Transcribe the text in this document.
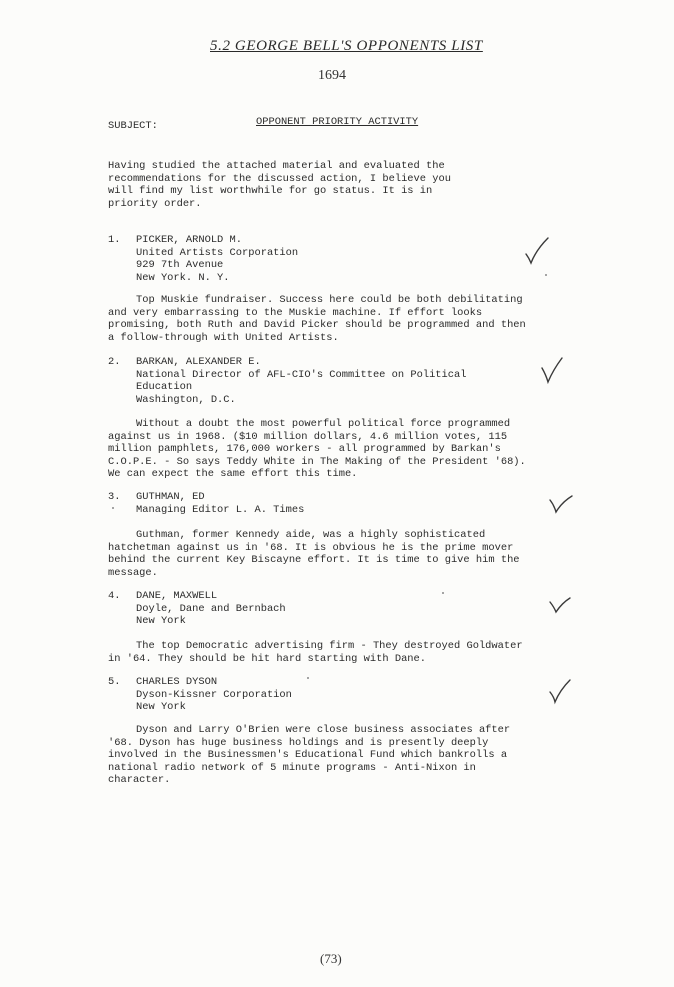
5.2 GEORGE BELL'S OPPONENTS LIST
1694
SUBJECT:	OPPONENT PRIORITY ACTIVITY
Having studied the attached material and evaluated the recommendations for the discussed action, I believe you will find my list worthwhile for go status. It is in priority order.
1.	PICKER, ARNOLD M.
United Artists Corporation
929 7th Avenue
New York. N. Y.

Top Muskie fundraiser. Success here could be both debilitating and very embarrassing to the Muskie machine. If effort looks promising, both Ruth and David Picker should be programmed and then a follow-through with United Artists.

2.	BARKAN, ALEXANDER E.
National Director of AFL-CIO's Committee on Political
Education
Washington, D.C.

Without a doubt the most powerful political force programmed against us in 1968. ($10 million dollars, 4.6 million votes, 115 million pamphlets, 176,000 workers - all programmed by Barkan's C.O.P.E. - So says Teddy White in The Making of the President '68). We can expect the same effort this time.

3.	GUTHMAN, ED
Managing Editor L. A. Times

Guthman, former Kennedy aide, was a highly sophisticated hatchetman against us in '68. It is obvious he is the prime mover behind the current Key Biscayne effort. It is time to give him the message.

4.	DANE, MAXWELL
Doyle, Dane and Bernbach
New York

The top Democratic advertising firm - They destroyed Goldwater in '64. They should be hit hard starting with Dane.

5.	CHARLES DYSON
Dyson-Kissner Corporation
New York

Dyson and Larry O'Brien were close business associates after '68. Dyson has huge business holdings and is presently deeply involved in the Businessmen's Educational Fund which bankrolls a national radio network of 5 minute programs - Anti-Nixon in character.

(73)
